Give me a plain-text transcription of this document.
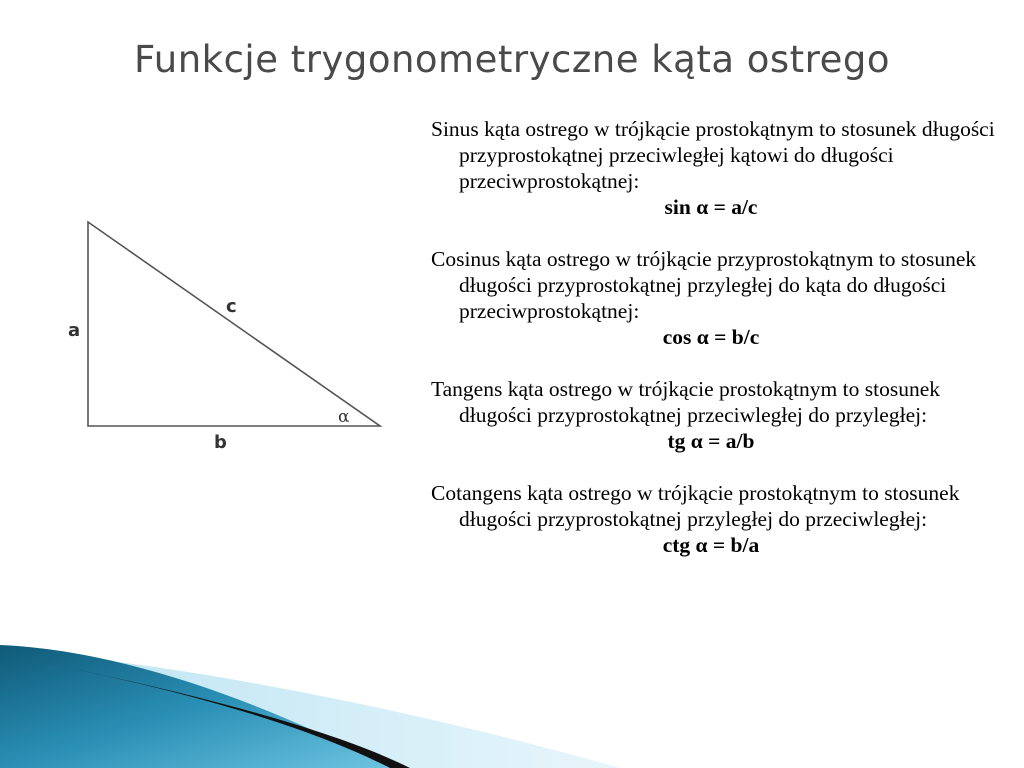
Funkcje trygonometryczne kąta ostrego
a
b
c
α

Sinus kąta ostrego w trójkącie prostokątnym to stosunek długości przyprostokątnej przeciwległej kątowi do długości przeciwprostokątnej:

sin α = a/c

Cosinus kąta ostrego w trójkącie przyprostokątnym to stosunek długości przyprostokątnej przyległej do kąta do długości przeciwprostokątnej:

cos α = b/c

Tangens kąta ostrego w trójkącie prostokątnym to stosunek długości przyprostokątnej przeciwległej do przyległej:

tg α = a/b

Cotangens kąta ostrego w trójkącie prostokątnym to stosunek długości przyprostokątnej przyległej do przeciwległej:

ctg α = b/a
